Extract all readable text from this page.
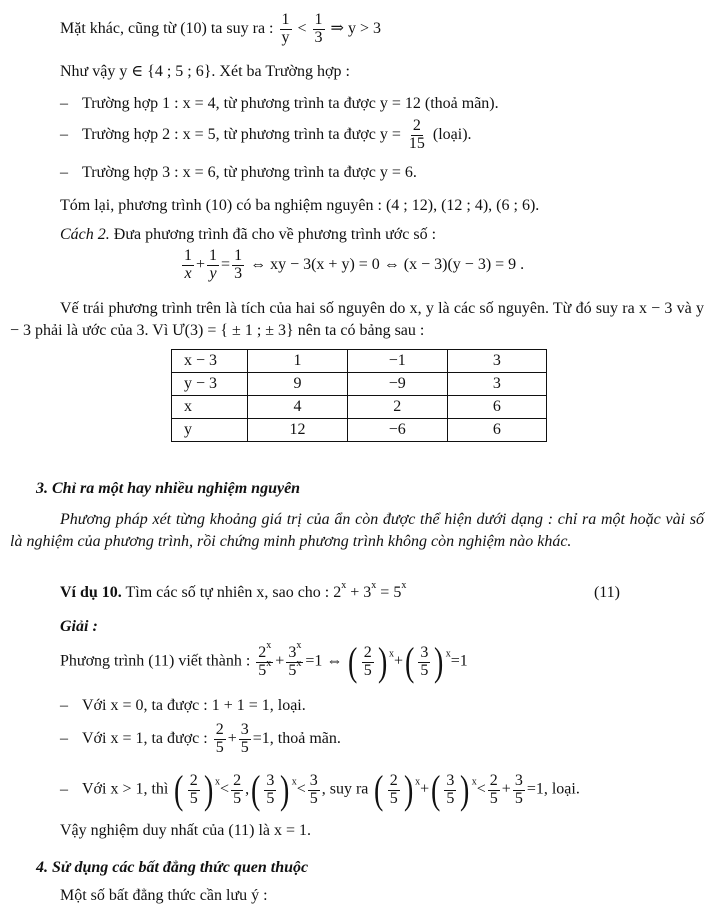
Mặt khác, cũng từ (10) ta suy ra : $\frac{1}{y} < \frac{1}{3}$ ⇒ y > 3
Như vậy y ∈ {4 ; 5 ; 6}. Xét ba Trường hợp :
– Trường hợp 1 : x = 4, từ phương trình ta được y = 12 (thoả mãn).
– Trường hợp 2 : x = 5, từ phương trình ta được $y = \frac{2}{15}$ (loại).
– Trường hợp 3 : x = 6, từ phương trình ta được y = 6.
Tóm lại, phương trình (10) có ba nghiệm nguyên : (4 ; 12), (12 ; 4), (6 ; 6).
Cách 2. Đưa phương trình đã cho về phương trình ước số :
$\frac{1}{x} + \frac{1}{y} = \frac{1}{3}$ ⇔ xy − 3(x + y) = 0 ⇔ (x − 3)(y − 3) = 9 .
Vế trái phương trình trên là tích của hai số nguyên do x, y là các số nguyên. Từ đó suy ra x − 3 và y − 3 phải là ước của 3. Vì Ư(3) = { ± 1 ; ± 3} nên ta có bảng sau :
x − 3	1	−1	3
y − 3	9	−9	3
x	4	2	6
y	12	−6	6
3. Chỉ ra một hay nhiều nghiệm nguyên
Phương pháp xét từng khoảng giá trị của ẩn còn được thể hiện dưới dạng : chỉ ra một hoặc vài số là nghiệm của phương trình, rồi chứng minh phương trình không còn nghiệm nào khác.
Ví dụ 10. Tìm các số tự nhiên x, sao cho : $2^x + 3^x = 5^x$	(11)
Giải :
Phương trình (11) viết thành : $\frac{2^x}{5^x} + \frac{3^x}{5^x} =1$ ⇔ ( $\frac{2}{5}$ ) $^x$+ ( $\frac{3}{5}$ ) $^x$=1
– Với x = 0, ta được : 1 + 1 = 1, loại.
– Với x = 1, ta được : $\frac{2}{5} + \frac{3}{5} =1$, thoả mãn.
– Với x > 1, thì ( $\frac{2}{5}$ ) $^x< \frac{2}{5}$ , ( $\frac{3}{5}$ ) $^x< \frac{3}{5}$ , suy ra ( $\frac{2}{5}$ ) $^x$+ ( $\frac{3}{5}$ ) $^x< \frac{2}{5} + \frac{3}{5} =1$, loại.
Vậy nghiệm duy nhất của (11) là x = 1.
4. Sử dụng các bất đẳng thức quen thuộc
Một số bất đẳng thức cần lưu ý :
